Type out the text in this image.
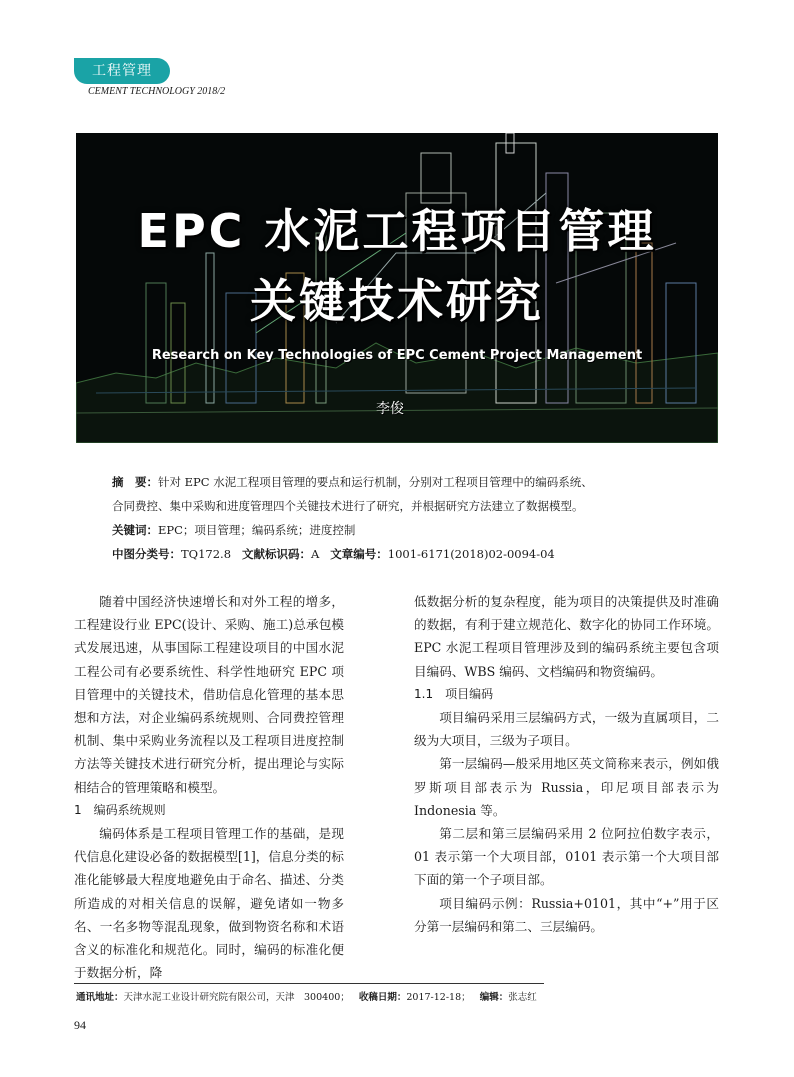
工程管理
CEMENT TECHNOLOGY 2018/2
EPC 水泥工程项目管理
关键技术研究
Research on Key Technologies of EPC Cement Project Management
李俊
摘　要：针对 EPC 水泥工程项目管理的要点和运行机制，分别对工程项目管理中的编码系统、
合同费控、集中采购和进度管理四个关键技术进行了研究，并根据研究方法建立了数据模型。
关键词：EPC；项目管理；编码系统；进度控制
中图分类号：TQ172.8 文献标识码：A 文章编号：1001-6171(2018)02-0094-04

随着中国经济快速增长和对外工程的增多，工程建设行业 EPC(设计、采购、施工)总承包模式发展迅速，从事国际工程建设项目的中国水泥工程公司有必要系统性、科学性地研究 EPC 项目管理中的关键技术，借助信息化管理的基本思想和方法，对企业编码系统规则、合同费控管理机制、集中采购业务流程以及工程项目进度控制方法等关键技术进行研究分析，提出理论与实际相结合的管理策略和模型。

1　编码系统规则

编码体系是工程项目管理工作的基础，是现代信息化建设必备的数据模型[1]，信息分类的标准化能够最大程度地避免由于命名、描述、分类所造成的对相关信息的误解，避免诸如一物多名、一名多物等混乱现象，做到物资名称和术语含义的标准化和规范化。同时，编码的标准化便于数据分析，降

低数据分析的复杂程度，能为项目的决策提供及时准确的数据，有利于建立规范化、数字化的协同工作环境。EPC 水泥工程项目管理涉及到的编码系统主要包含项目编码、WBS 编码、文档编码和物资编码。

1.1　项目编码

项目编码采用三层编码方式，一级为直属项目，二级为大项目，三级为子项目。

第一层编码—般采用地区英文简称来表示，例如俄罗斯项目部表示为 Russia，印尼项目部表示为 Indonesia 等。

第二层和第三层编码采用 2 位阿拉伯数字表示，01 表示第一个大项目部，0101 表示第一个大项目部下面的第一个子项目部。

项目编码示例：Russia+0101，其中“+”用于区分第一层编码和第二、三层编码。

通讯地址：天津水泥工业设计研究院有限公司，天津　300400； 收稿日期：2017-12-18； 编辑：张志红
94
